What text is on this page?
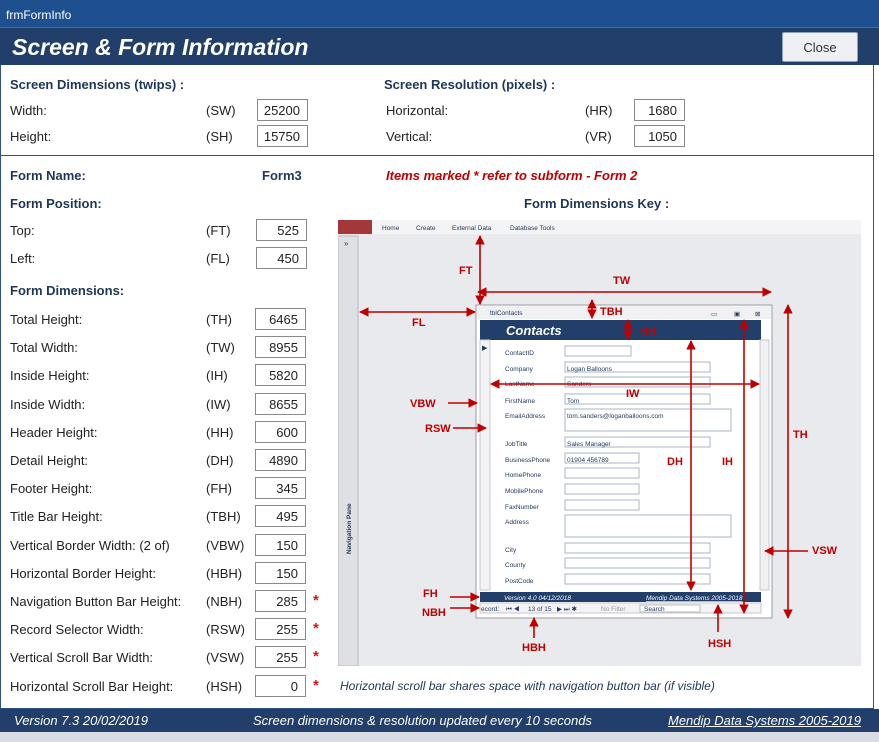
frmFormInfo
Screen & Form Information	Close
Screen Dimensions (twips) :
Width:	(SW)	25200
Height:	(SH)	15750
Screen Resolution (pixels) :
Horizontal:	(HR)	1680
Vertical:	(VR)	1050
Form Name:	Form3	Items marked * refer to subform - Form 2
Form Position:	Form Dimensions Key :
Top:	(FT)	525
Left:	(FL)	450
Form Dimensions:
Total Height:	(TH)	6465
Total Width:	(TW)	8955
Inside Height:	(IH)	5820
Inside Width:	(IW)	8655
Header Height:	(HH)	600
Detail Height:	(DH)	4890
Footer Height:	(FH)	345
Title Bar Height:	(TBH)	495
Vertical Border Width: (2 of)	(VBW)	150
Horizontal Border Height:	(HBH)	150
Navigation Button Bar Height: (NBH)	285	*
Record Selector Width:	(RSW)	255	*
Vertical Scroll Bar Width:	(VSW)	255	*
Horizontal Scroll Bar Height:	(HSH)	0	* Horizontal scroll bar shares space with navigation button bar (if visible)
Home	Create	External Data	Database Tools
»
Navigation Pane
tblContacts	▭	▣ ⊠
Contacts
▶
ContactID
Company	Logan Balloons
LastName	Sanders
FirstName	Tom
EmailAddress	tom.sanders@loganballoons.com
JobTitle	Sales Manager
BusinessPhone	01904 456789
HomePhone
MobilePhone
FaxNumber
Address
City
County
PostCode
Version 4.0 04/12/2018	Mendip Data Systems 2005-2018
ecord: ⏮ ◀ 13 of 15 ▶ ⏭ ✱	No Filter	Search
FT
TW
TBH
FL
HH
IW
VBW
RSW	TH
DH	IH
VSW
FH
NBH
HBH	HSH
Version 7.3 20/02/2019	Screen dimensions & resolution updated every 10 seconds	Mendip Data Systems 2005-2019
